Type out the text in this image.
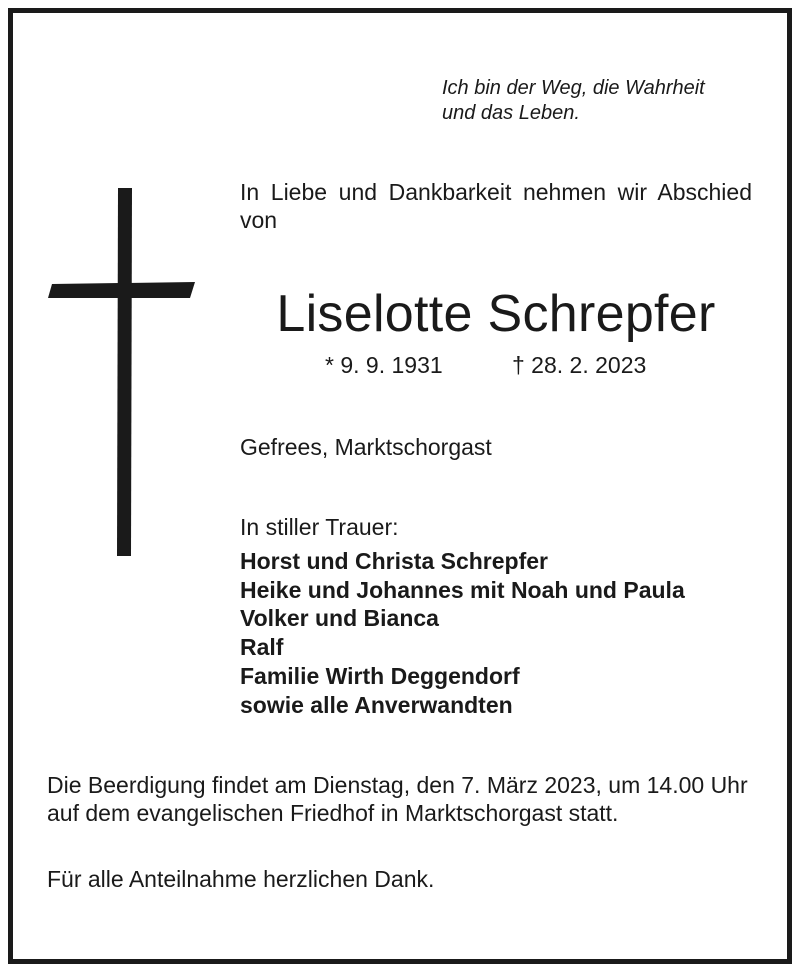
Ich bin der Weg, die Wahrheit
und das Leben.
In Liebe und Dankbarkeit nehmen wir Abschied von
Liselotte Schrepfer
* 9. 9. 1931	† 28. 2. 2023
Gefrees, Marktschorgast
In stiller Trauer:
Horst und Christa Schrepfer
Heike und Johannes mit Noah und Paula
Volker und Bianca
Ralf
Familie Wirth Deggendorf
sowie alle Anverwandten
Die Beerdigung findet am Dienstag, den 7. März 2023, um 14.00 Uhr auf dem evangelischen Friedhof in Marktschorgast statt.
Für alle Anteilnahme herzlichen Dank.
